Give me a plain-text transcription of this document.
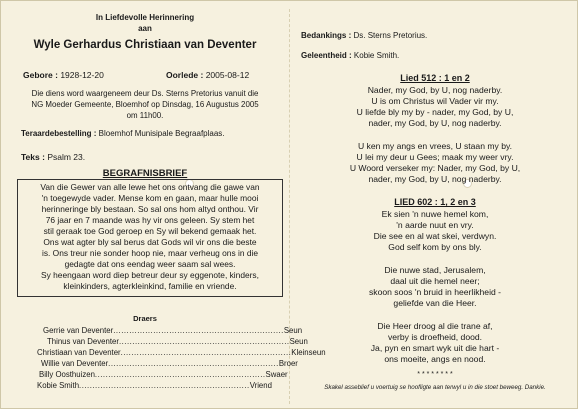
In Liefdevolle Herinnering
aan
Wyle Gerhardus Christiaan van Deventer
Gebore : 1928-12-20	Oorlede : 2005-08-12
Die diens word waargeneem deur Ds. Sterns Pretorius vanuit die
NG Moeder Gemeente, Bloemhof op Dinsdag, 16 Augustus 2005
om 11h00.
Teraardebestelling : Bloemhof Munisipale Begraafplaas.
Teks : Psalm 23.
BEGRAFNISBRIEF
Van die Gewer van alle lewe het ons ontvang die gawe van
'n toegewyde vader. Mense kom en gaan, maar hulle mooi
herinneringe bly bestaan. So sal ons hom altyd onthou. Vir
76 jaar en 7 maande was hy vir ons geleen. Sy stem het
stil geraak toe God geroep en Sy wil bekend gemaak het.
Ons wat agter bly sal berus dat Gods wil vir ons die beste
is. Ons treur nie sonder hoop nie, maar verheug ons in die
gedagte dat ons eendag weer saam sal wees.
Sy heengaan word diep betreur deur sy eggenote, kinders,
kleinkinders, agterkleinkind, familie en vriende.
Draers
Gerrie van Deventer ................................................................ Seun
Thinus van Deventer ................................................................ Seun
Christiaan van Deventer ................................................................ Kleinseun
Willie van Deventer ................................................................ Broer
Billy Oosthuizen ................................................................ Swaer
Kobie Smith ................................................................ Vriend
Bedankings : Ds. Sterns Pretorius.
Geleentheid : Kobie Smith.
Lied 512 : 1 en 2
Nader, my God, by U, nog naderby.
U is om Christus wil Vader vir my.
U liefde bly my by - nader, my God, by U,
nader, my God, by U, nog naderby.
U ken my angs en vrees, U staan my by.
U lei my deur u Gees; maak my weer vry.
U Woord verseker my: Nader, my God, by U,
nader, my God, by U, nog naderby.
LIED 602 : 1, 2 en 3
Ek sien 'n nuwe hemel kom,
'n aarde nuut en vry.
Die see en al wat skei, verdwyn.
God self kom by ons bly.
Die nuwe stad, Jerusalem,
daal uit die hemel neer;
skoon soos 'n bruid in heerlikheid -
geliefde van die Heer.
Die Heer droog al die trane af,
verby is droefheid, dood.
Ja, pyn en smart wyk uit die hart -
ons moeite, angs en nood.
* * * * * * * *
Skakel asseblief u voertuig se hoofligte aan terwyl u in die stoet beweeg. Dankie.
